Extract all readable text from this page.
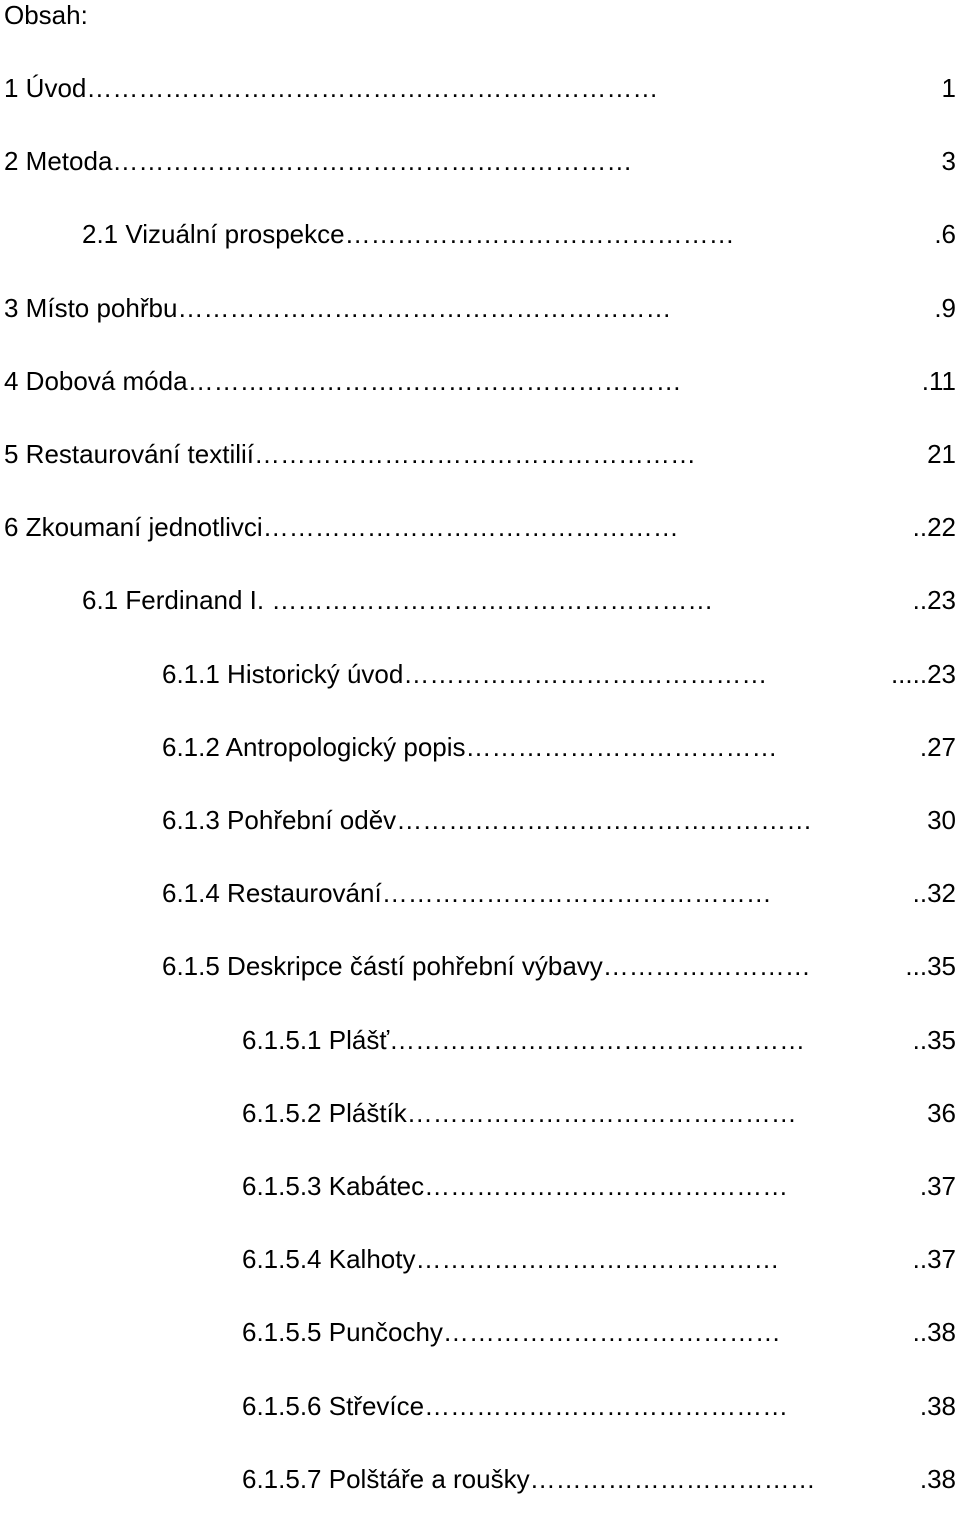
Obsah:
1 Úvod…………………………………………………………	1
2 Metoda……………………………………………………	3
2.1 Vizuální prospekce………………………………………	.6
3 Místo pohřbu…………………………………………………	.9
4 Dobová móda…………………………………………………	.11
5 Restaurování textilií……………………………………………	21
6 Zkoumaní jednotlivci…………………………………………	..22
6.1 Ferdinand I. ……………………………………………	..23
6.1.1 Historický úvod……………………………………	.....23
6.1.2 Antropologický popis………………………………	.27
6.1.3 Pohřební oděv…………………………………………	30
6.1.4 Restaurování………………………………………	..32
6.1.5 Deskripce částí pohřební výbavy……………………	...35
6.1.5.1 Plášť…………………………………………	..35
6.1.5.2 Pláštík………………………………………	36
6.1.5.3 Kabátec……………………………………	.37
6.1.5.4 Kalhoty……………………………………	..37
6.1.5.5 Punčochy…………………………………	..38
6.1.5.6 Střevíce……………………………………	.38
6.1.5.7 Polštáře a roušky……………………………	.38
